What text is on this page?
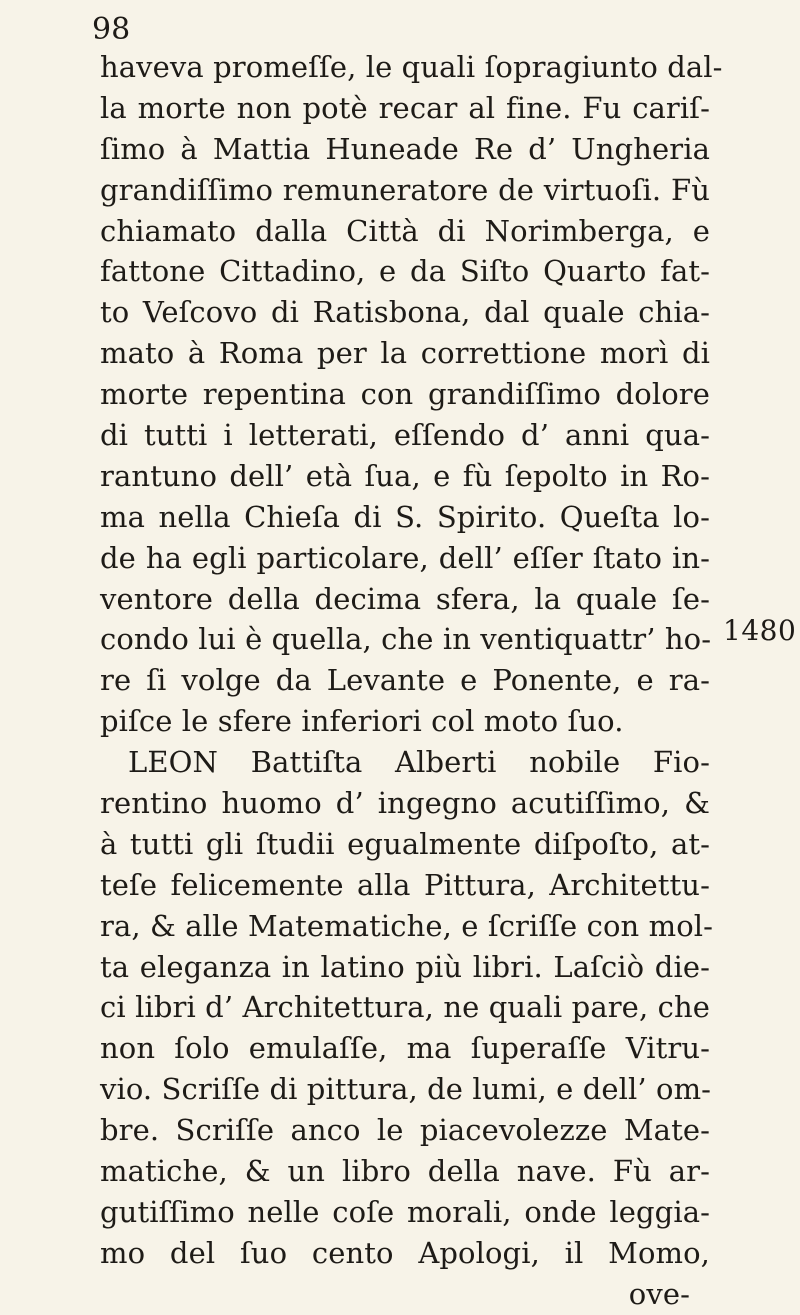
98
1480
haveva promeſſe, le quali ſopragiunto dal-
la morte non potè recar al fine. Fu cariſ-
ſimo à Mattia Huneade Re d’ Ungheria
grandiſſimo remuneratore de virtuoſi. Fù
chiamato dalla Città di Norimberga, e
fattone Cittadino, e da Siſto Quarto fat-
to Veſcovo di Ratisbona, dal quale chia-
mato à Roma per la correttione morì di
morte repentina con grandiſſimo dolore
di tutti i letterati, eſſendo d’ anni qua-
rantuno dell’ età ſua, e fù ſepolto in Ro-
ma nella Chieſa di S. Spirito. Queſta lo-
de ha egli particolare, dell’ eſſer ſtato in-
ventore della decima sfera, la quale ſe-
condo lui è quella, che in ventiquattr’ ho-
re ſi volge da Levante e Ponente, e ra-
piſce le sfere inferiori col moto ſuo.
LEON Battiſta Alberti nobile Fio-
rentino huomo d’ ingegno acutiſſimo, &
à tutti gli ſtudii egualmente diſpoſto, at-
teſe felicemente alla Pittura, Architettu-
ra, & alle Matematiche, e ſcriſſe con mol-
ta eleganza in latino più libri. Laſciò die-
ci libri d’ Architettura, ne quali pare, che
non ſolo emulaſſe, ma ſuperaſſe Vitru-
vio. Scriſſe di pittura, de lumi, e dell’ om-
bre. Scriſſe anco le piacevolezze Mate-
matiche, & un libro della nave. Fù ar-
gutiſſimo nelle coſe morali, onde leggia-
mo del ſuo cento Apologi, il Momo,
ove-
